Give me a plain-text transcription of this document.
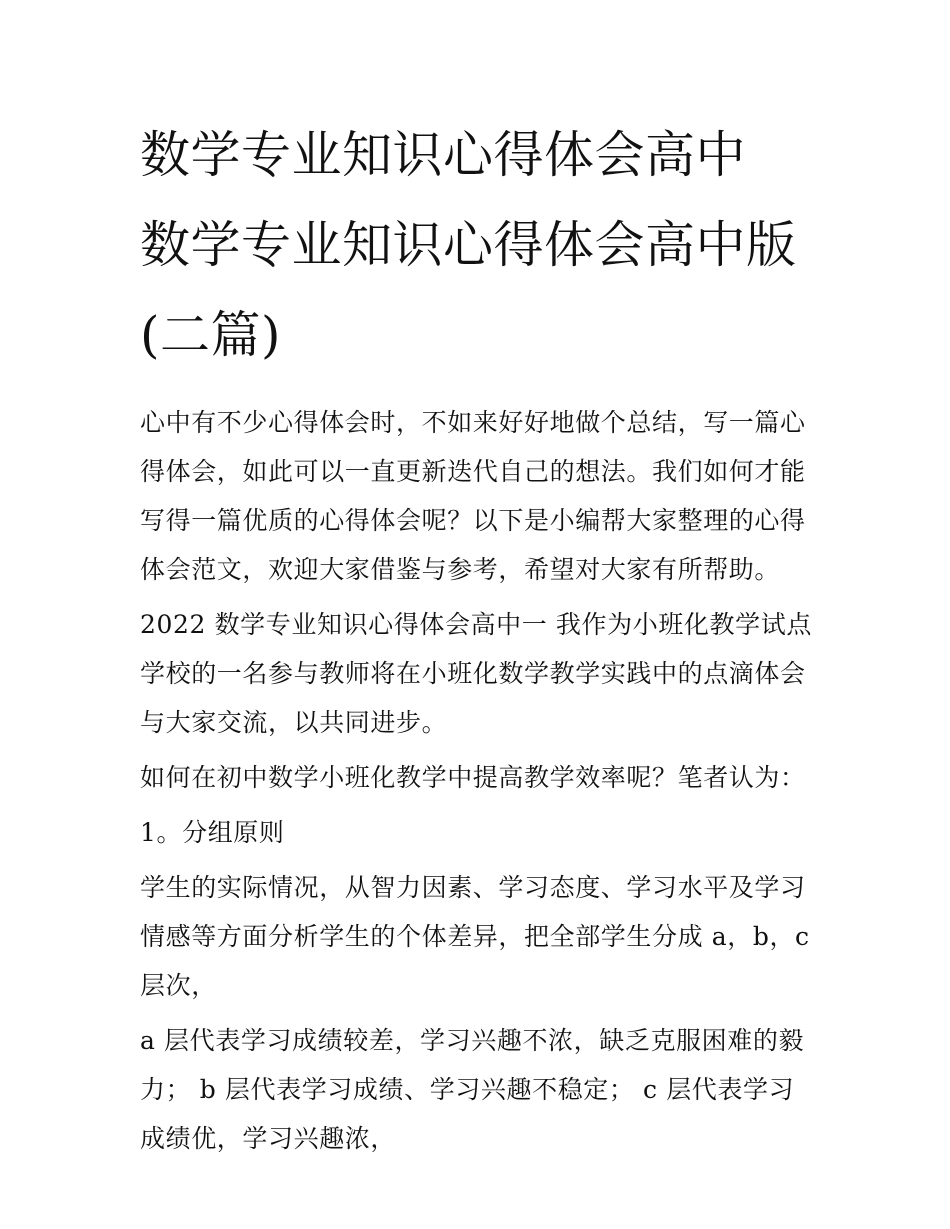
数学专业知识心得体会高中 数学专业知识心得体会高中版(二篇)

心中有不少心得体会时，不如来好好地做个总结，写一篇心得体会，如此可以一直更新迭代自己的想法。我们如何才能写得一篇优质的心得体会呢？以下是小编帮大家整理的心得体会范文，欢迎大家借鉴与参考，希望对大家有所帮助。

2022 数学专业知识心得体会高中一 我作为小班化教学试点学校的一名参与教师将在小班化数学教学实践中的点滴体会与大家交流，以共同进步。

如何在初中数学小班化教学中提高教学效率呢？笔者认为：

1。分组原则

学生的实际情况，从智力因素、学习态度、学习水平及学习情感等方面分析学生的个体差异，把全部学生分成 a，b，c 层次，

a 层代表学习成绩较差，学习兴趣不浓，缺乏克服困难的毅力； b 层代表学习成绩、学习兴趣不稳定； c 层代表学习成绩优，学习兴趣浓，
